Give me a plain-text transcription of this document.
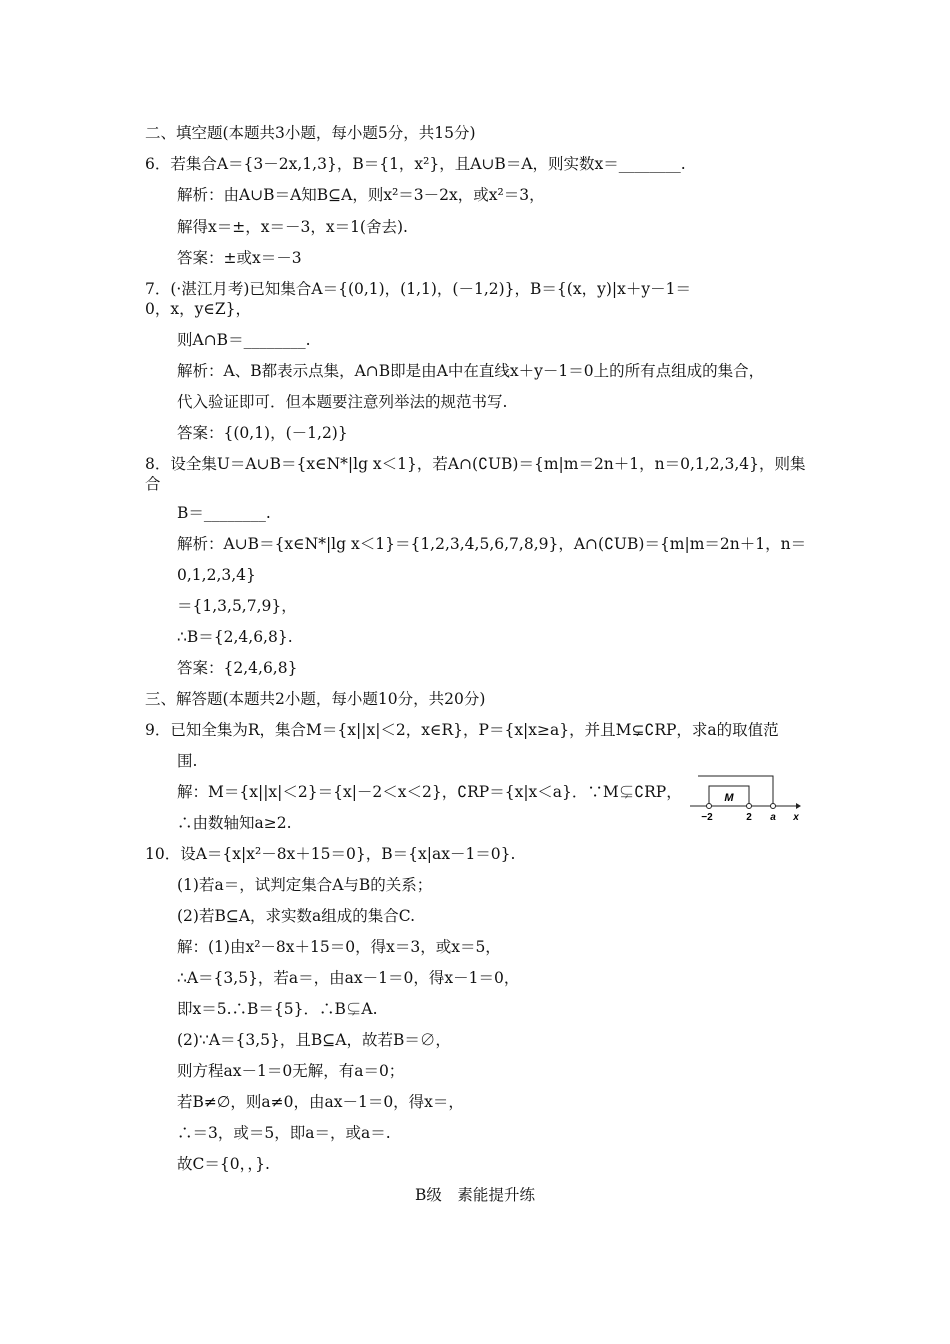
二、填空题(本题共3小题，每小题5分，共15分)
6．若集合A＝{3－2x,1,3}，B＝{1，x²}，且A∪B＝A，则实数x＝________.
解析：由A∪B＝A知B⊆A，则x²＝3－2x，或x²＝3，
解得x＝±，x＝－3，x＝1(舍去).
答案：±或x＝－3
7．(·湛江月考)已知集合A＝{(0,1)，(1,1)，(－1,2)}，B＝{(x，y)|x＋y－1＝
0，x，y∈Z}，
则A∩B＝________.
解析：A、B都表示点集，A∩B即是由A中在直线x＋y－1＝0上的所有点组成的集合，
代入验证即可．但本题要注意列举法的规范书写.
答案：{(0,1)，(－1,2)}
8．设全集U＝A∪B＝{x∈N*|lg x＜1}，若A∩(∁UB)＝{m|m＝2n＋1，n＝0,1,2,3,4}，则集
合
B＝________.
解析：A∪B＝{x∈N*|lg x＜1}＝{1,2,3,4,5,6,7,8,9}，A∩(∁UB)＝{m|m＝2n＋1，n＝
0,1,2,3,4}
＝{1,3,5,7,9}，
∴B＝{2,4,6,8}.
答案：{2,4,6,8}
三、解答题(本题共2小题，每小题10分，共20分)
9．已知全集为R，集合M＝{x||x|＜2，x∈R}，P＝{x|x≥a}，并且M⊊∁RP，求a的取值范
围.
解：M＝{x||x|＜2}＝{x|－2＜x＜2}，∁RP＝{x|x＜a}．∵M⊊∁RP，
∴由数轴知a≥2.
10．设A＝{x|x²－8x＋15＝0}，B＝{x|ax－1＝0}.
(1)若a＝，试判定集合A与B的关系；
(2)若B⊆A，求实数a组成的集合C.
解：(1)由x²－8x＋15＝0，得x＝3，或x＝5，
∴A＝{3,5}，若a＝，由ax－1＝0，得x－1＝0，
即x＝5.∴B＝{5}．∴B⊊A.
(2)∵A＝{3,5}，且B⊆A，故若B＝∅，
则方程ax－1＝0无解，有a＝0；
若B≠∅，则a≠0，由ax－1＝0，得x＝，
∴＝3，或＝5，即a＝，或a＝.
故C＝{0，，}.
B级　素能提升练
M
−2	2 a x
